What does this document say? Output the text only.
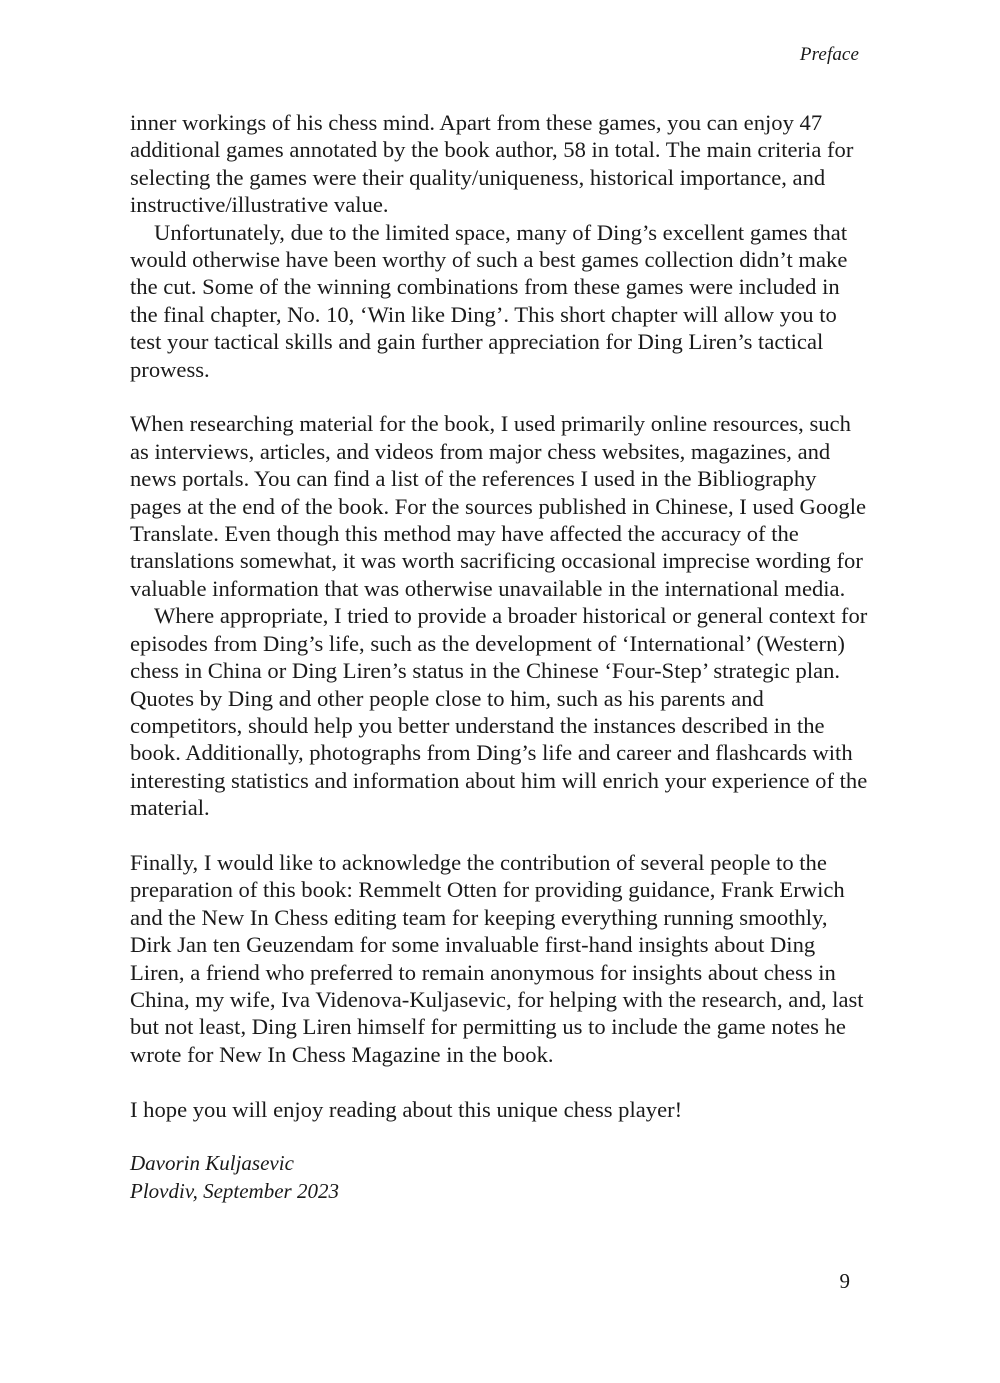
Preface

inner workings of his chess mind. Apart from these games, you can enjoy 47 additional games annotated by the book author, 58 in total. The main criteria for selecting the games were their quality/uniqueness, historical importance, and instructive/illustrative value.

Unfortunately, due to the limited space, many of Ding’s excellent games that would otherwise have been worthy of such a best games collection didn’t make the cut. Some of the winning combinations from these games were included in the final chapter, No. 10, ‘Win like Ding’. This short chapter will allow you to test your tactical skills and gain further appreciation for Ding Liren’s tactical prowess.

When researching material for the book, I used primarily online resources, such as interviews, articles, and videos from major chess websites, magazines, and news portals. You can find a list of the references I used in the Bibliography pages at the end of the book. For the sources published in Chinese, I used Google Translate. Even though this method may have affected the accuracy of the translations somewhat, it was worth sacrificing occasional imprecise wording for valuable information that was otherwise unavailable in the international media.

Where appropriate, I tried to provide a broader historical or general context for episodes from Ding’s life, such as the development of ‘International’ (Western) chess in China or Ding Liren’s status in the Chinese ‘Four-Step’ strategic plan. Quotes by Ding and other people close to him, such as his parents and competitors, should help you better understand the instances described in the book. Additionally, photographs from Ding’s life and career and flashcards with interesting statistics and information about him will enrich your experience of the material.

Finally, I would like to acknowledge the contribution of several people to the preparation of this book: Remmelt Otten for providing guidance, Frank Erwich and the New In Chess editing team for keeping everything running smoothly, Dirk Jan ten Geuzendam for some invaluable first-hand insights about Ding Liren, a friend who preferred to remain anonymous for insights about chess in China, my wife, Iva Videnova-Kuljasevic, for helping with the research, and, last but not least, Ding Liren himself for permitting us to include the game notes he wrote for New In Chess Magazine in the book.

I hope you will enjoy reading about this unique chess player!

Davorin Kuljasevic
Plovdiv, September 2023
9
